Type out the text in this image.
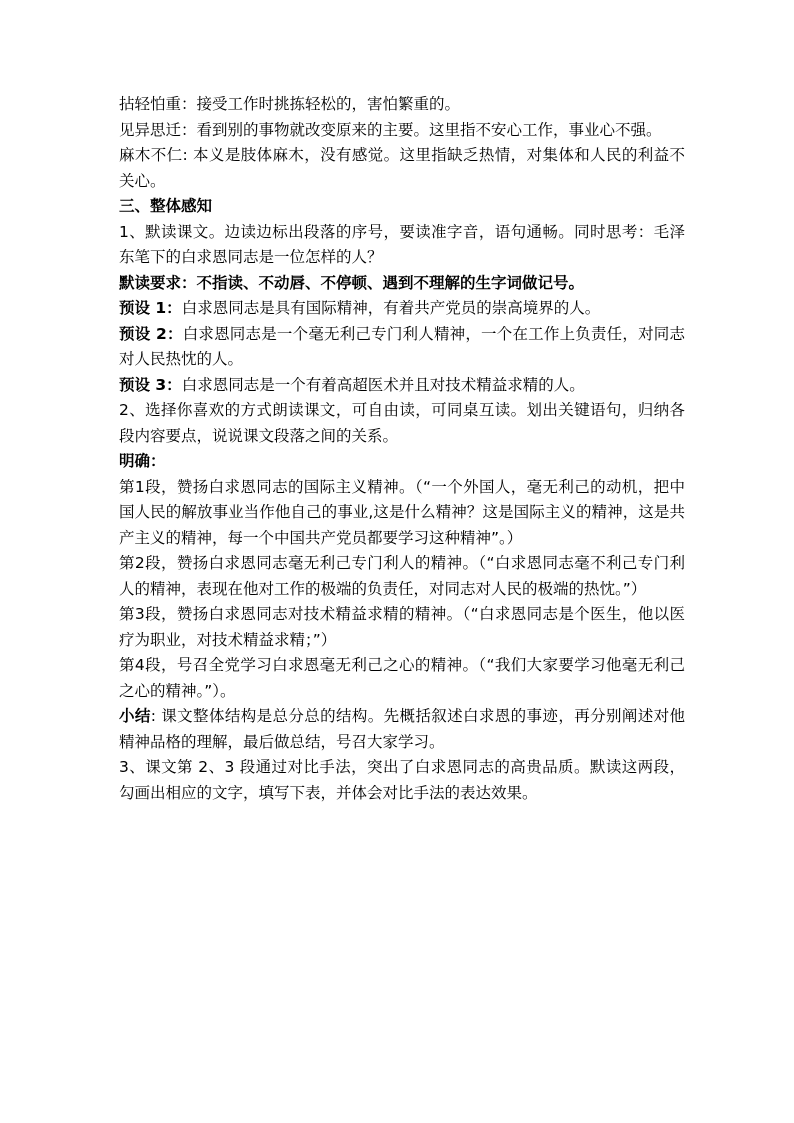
拈轻怕重：接受工作时挑拣轻松的，害怕繁重的。

见异思迁：看到别的事物就改变原来的主要。这里指不安心工作，事业心不强。

麻木不仁: 本义是肢体麻木，没有感觉。这里指缺乏热情，对集体和人民的利益不关心。

三、整体感知

1、默读课文。边读边标出段落的序号，要读准字音，语句通畅。同时思考：毛泽东笔下的白求恩同志是一位怎样的人？

默读要求：不指读、不动唇、不停顿、遇到不理解的生字词做记号。

预设 1：白求恩同志是具有国际精神，有着共产党员的崇高境界的人。

预设 2：白求恩同志是一个毫无利己专门利人精神，一个在工作上负责任，对同志对人民热忱的人。

预设 3：白求恩同志是一个有着高超医术并且对技术精益求精的人。

2、选择你喜欢的方式朗读课文，可自由读，可同桌互读。划出关键语句，归纳各段内容要点，说说课文段落之间的关系。

明确：

第1段，赞扬白求恩同志的国际主义精神。（“一个外国人，毫无利己的动机，把中国人民的解放事业当作他自己的事业,这是什么精神？这是国际主义的精神，这是共产主义的精神，每一个中国共产党员都要学习这种精神”。）

第2段，赞扬白求恩同志毫无利己专门利人的精神。（“白求恩同志毫不利己专门利人的精神，表现在他对工作的极端的负责任，对同志对人民的极端的热忱。”）

第3段，赞扬白求恩同志对技术精益求精的精神。（“白求恩同志是个医生，他以医疗为职业，对技术精益求精；”）

第4段，号召全党学习白求恩毫无利己之心的精神。（“我们大家要学习他毫无利己之心的精神。”）。

小结: 课文整体结构是总分总的结构。先概括叙述白求恩的事迹，再分别阐述对他精神品格的理解，最后做总结，号召大家学习。

3、课文第 2、3 段通过对比手法，突出了白求恩同志的高贵品质。默读这两段，勾画出相应的文字，填写下表，并体会对比手法的表达效果。
